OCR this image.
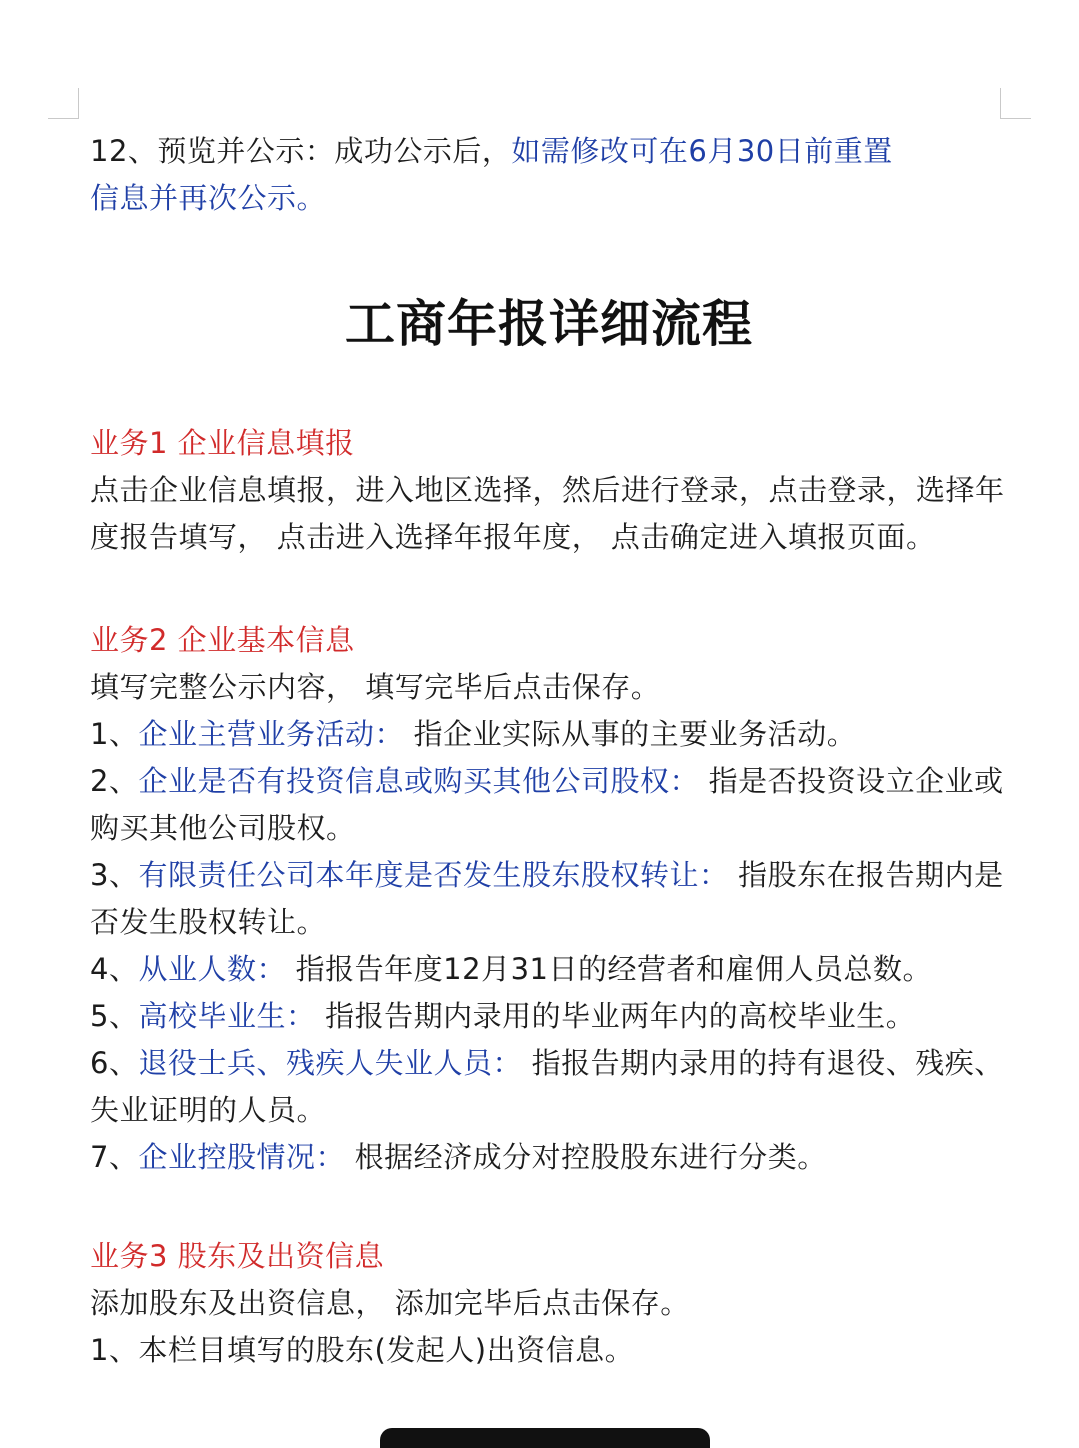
12、预览并公示：成功公示后，如需修改可在6月30日前重置
信息并再次公示。

工商年报详细流程

业务1 企业信息填报

点击企业信息填报，进入地区选择，然后进行登录，点击登录，选择年度报告填写， 点击进入选择年报年度， 点击确定进入填报页面。

业务2 企业基本信息

填写完整公示内容， 填写完毕后点击保存。

1、企业主营业务活动： 指企业实际从事的主要业务活动。

2、企业是否有投资信息或购买其他公司股权： 指是否投资设立企业或购买其他公司股权。

3、有限责任公司本年度是否发生股东股权转让： 指股东在报告期内是否发生股权转让。

4、从业人数： 指报告年度12月31日的经营者和雇佣人员总数。

5、高校毕业生： 指报告期内录用的毕业两年内的高校毕业生。

6、退役士兵、残疾人失业人员： 指报告期内录用的持有退役、残疾、失业证明的人员。

7、企业控股情况： 根据经济成分对控股股东进行分类。

业务3 股东及出资信息

添加股东及出资信息， 添加完毕后点击保存。1、本栏目填写的股东(发起人)出资信息。
